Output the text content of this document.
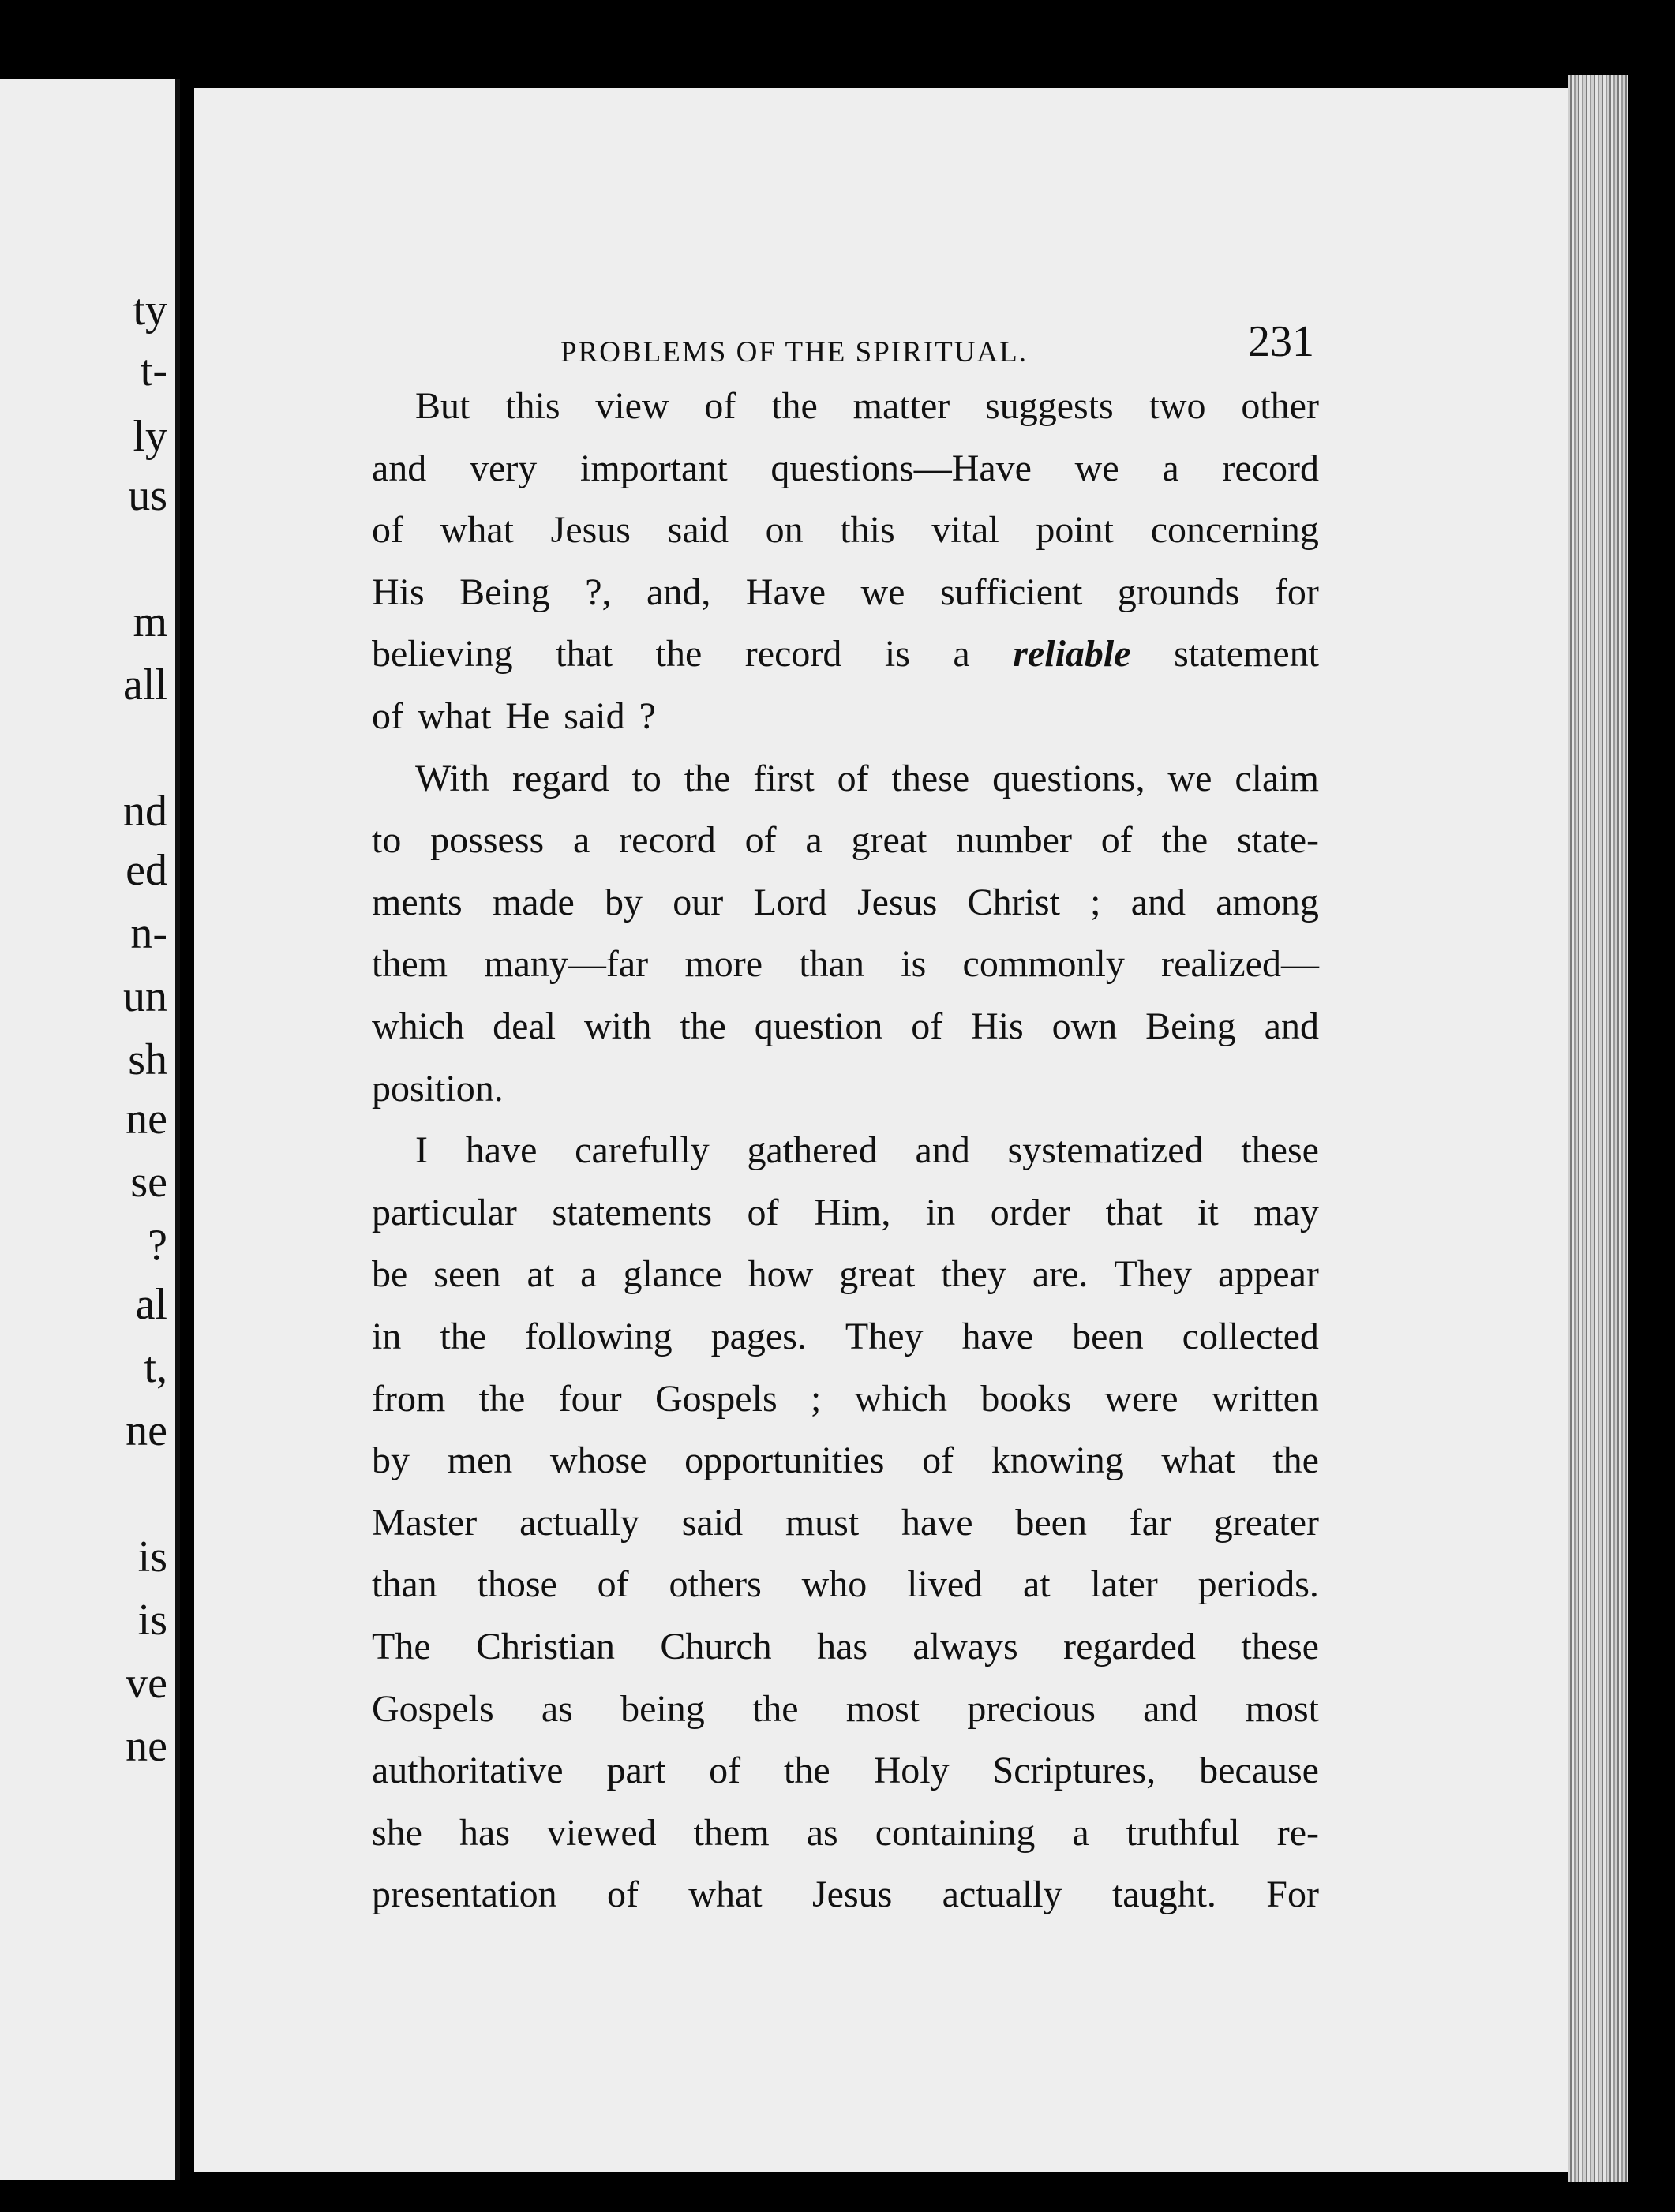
ty
t-
ly
us
m
all
nd
ed
n-
un
sh
ne
se
?
al
t,
ne
is
is
ve
ne
PROBLEMS OF THE SPIRITUAL.	231
But this view of the matter suggests two other
and very important questions—Have we a record
of what Jesus said on this vital point concerning
His Being ?, and, Have we sufficient grounds for
believing that the record is a reliable statement
of what He said ?
With regard to the first of these questions, we claim
to possess a record of a great number of the state-
ments made by our Lord Jesus Christ ; and among
them many—far more than is commonly realized—
which deal with the question of His own Being and
position.
I have carefully gathered and systematized these
particular statements of Him, in order that it may
be seen at a glance how great they are. They appear
in the following pages. They have been collected
from the four Gospels ; which books were written
by men whose opportunities of knowing what the
Master actually said must have been far greater
than those of others who lived at later periods.
The Christian Church has always regarded these
Gospels as being the most precious and most
authoritative part of the Holy Scriptures, because
she has viewed them as containing a truthful re-
presentation of what Jesus actually taught. For
